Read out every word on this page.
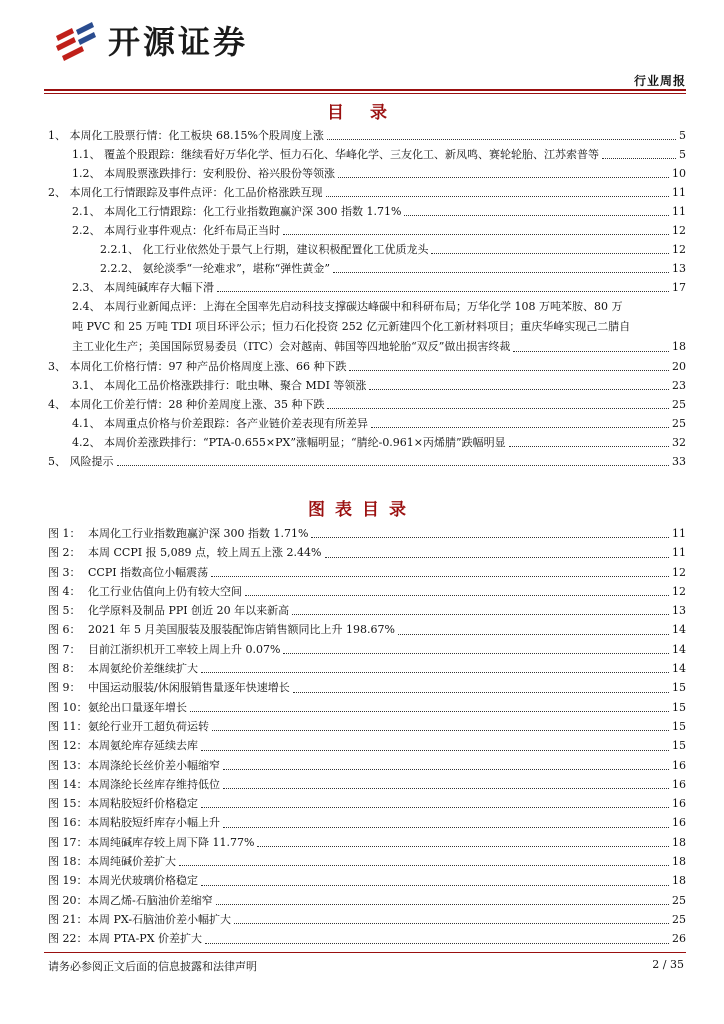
开源证券
行业周报
目 录
1、 本周化工股票行情：化工板块 68.15%个股周度上涨	5
1.1、 覆盖个股跟踪：继续看好万华化学、恒力石化、华峰化学、三友化工、新凤鸣、赛轮轮胎、江苏索普等	5
1.2、 本周股票涨跌排行：安利股份、裕兴股份等领涨	10
2、 本周化工行情跟踪及事件点评：化工品价格涨跌互现	11
2.1、 本周化工行情跟踪：化工行业指数跑赢沪深 300 指数 1.71%	11
2.2、 本周行业事件观点：化纤布局正当时	12
2.2.1、 化工行业依然处于景气上行期，建议积极配置化工优质龙头	12
2.2.2、 氨纶淡季“一纶难求”，堪称“弹性黄金”	13
2.3、 本周纯碱库存大幅下滑	17
2.4、 本周行业新闻点评：上海在全国率先启动科技支撑碳达峰碳中和科研布局；万华化学 108 万吨苯胺、80 万
吨 PVC 和 25 万吨 TDI 项目环评公示；恒力石化投资 252 亿元新建四个化工新材料项目；重庆华峰实现己二腈自
主工业化生产；美国国际贸易委员（ITC）会对越南、韩国等四地轮胎“双反”做出损害终裁	18
3、 本周化工价格行情：97 种产品价格周度上涨、66 种下跌	20
3.1、 本周化工品价格涨跌排行：吡虫啉、聚合 MDI 等领涨	23
4、 本周化工价差行情：28 种价差周度上涨、35 种下跌	25
4.1、 本周重点价格与价差跟踪：各产业链价差表现有所差异	25
4.2、 本周价差涨跌排行：“PTA-0.655×PX”涨幅明显；“腈纶-0.961×丙烯腈”跌幅明显	32
5、 风险提示	33
图表目录
图 1： 本周化工行业指数跑赢沪深 300 指数 1.71%	11
图 2： 本周 CCPI 报 5,089 点，较上周五上涨 2.44%	11
图 3： CCPI 指数高位小幅震荡	12
图 4： 化工行业估值向上仍有较大空间	12
图 5： 化学原料及制品 PPI 创近 20 年以来新高	13
图 6： 2021 年 5 月美国服装及服装配饰店销售额同比上升 198.67%	14
图 7： 目前江浙织机开工率较上周上升 0.07%	14
图 8： 本周氨纶价差继续扩大	14
图 9： 中国运动服装/休闲服销售量逐年快速增长	15
图 10： 氨纶出口量逐年增长	15
图 11： 氨纶行业开工超负荷运转	15
图 12： 本周氨纶库存延续去库	15
图 13： 本周涤纶长丝价差小幅缩窄	16
图 14： 本周涤纶长丝库存维持低位	16
图 15： 本周粘胶短纤价格稳定	16
图 16： 本周粘胶短纤库存小幅上升	16
图 17： 本周纯碱库存较上周下降 11.77%	18
图 18： 本周纯碱价差扩大	18
图 19： 本周光伏玻璃价格稳定	18
图 20： 本周乙烯-石脑油价差缩窄	25
图 21： 本周 PX-石脑油价差小幅扩大	25
图 22： 本周 PTA-PX 价差扩大	26
请务必参阅正文后面的信息披露和法律声明	2 / 35
